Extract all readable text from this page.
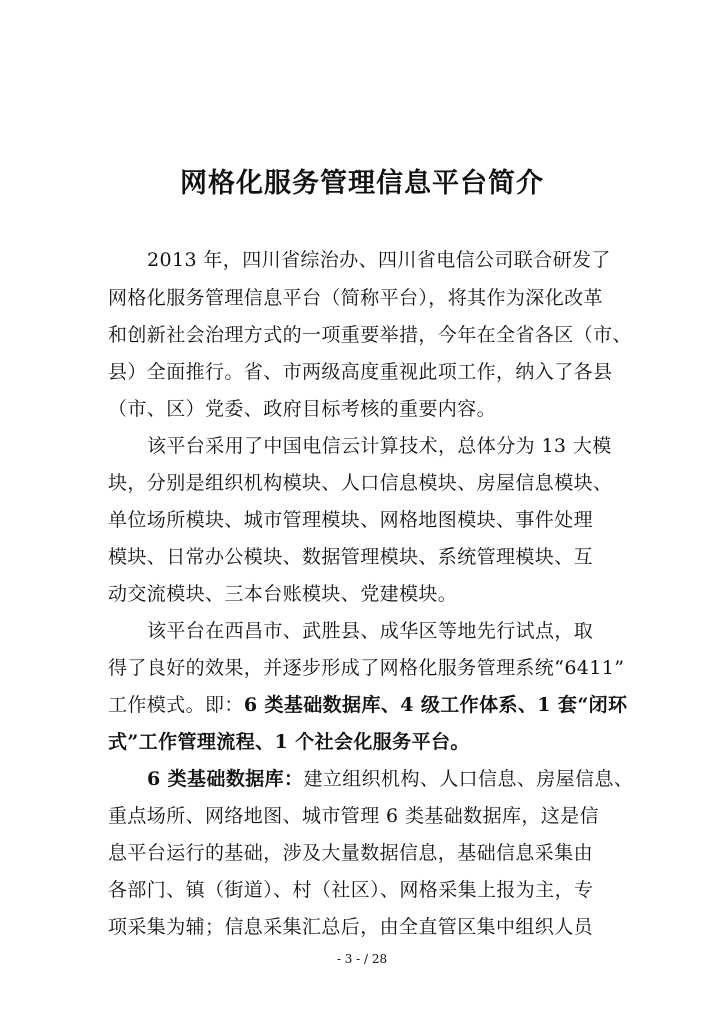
网格化服务管理信息平台简介
2013 年，四川省综治办、四川省电信公司联合研发了
网格化服务管理信息平台（简称平台），将其作为深化改革
和创新社会治理方式的一项重要举措，今年在全省各区（市、
县）全面推行。省、市两级高度重视此项工作，纳入了各县
（市、区）党委、政府目标考核的重要内容。
该平台采用了中国电信云计算技术，总体分为 13 大模
块，分别是组织机构模块、人口信息模块、房屋信息模块、
单位场所模块、城市管理模块、网格地图模块、事件处理
模块、日常办公模块、数据管理模块、系统管理模块、互
动交流模块、三本台账模块、党建模块。
该平台在西昌市、武胜县、成华区等地先行试点，取
得了良好的效果，并逐步形成了网格化服务管理系统“6411”
工作模式。即：6 类基础数据库、4 级工作体系、1 套“闭环
式”工作管理流程、1 个社会化服务平台。
6 类基础数据库：建立组织机构、人口信息、房屋信息、
重点场所、网络地图、城市管理 6 类基础数据库，这是信
息平台运行的基础，涉及大量数据信息，基础信息采集由
各部门、镇（街道）、村（社区）、网格采集上报为主，专
项采集为辅；信息采集汇总后，由全直管区集中组织人员
- 3 - / 28
